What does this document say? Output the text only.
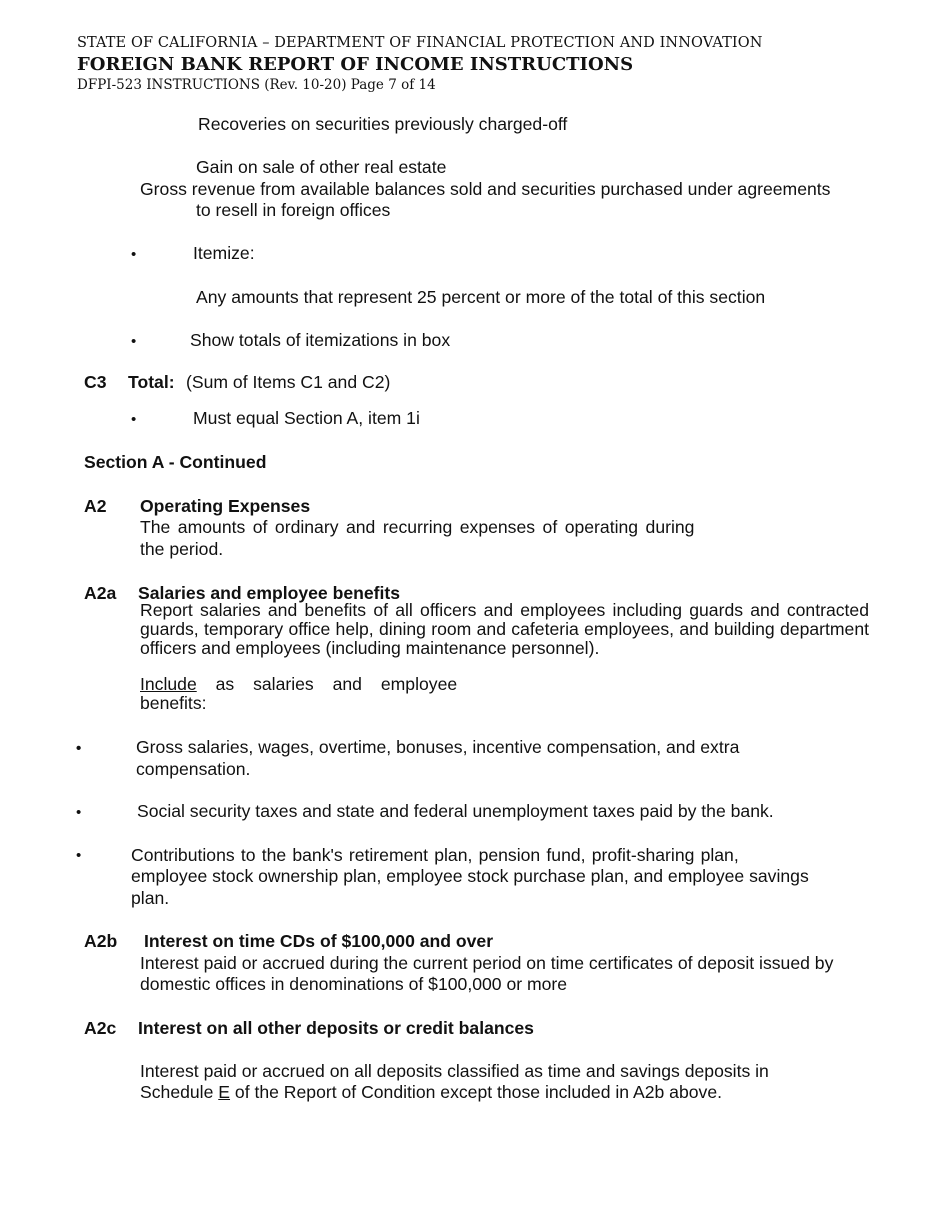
STATE OF CALIFORNIA – DEPARTMENT OF FINANCIAL PROTECTION AND INNOVATION
FOREIGN BANK REPORT OF INCOME INSTRUCTIONS
DFPI-523 INSTRUCTIONS (Rev. 10-20) Page 7 of 14
Recoveries on securities previously charged-off
Gain on sale of other real estate
Gross revenue from available balances sold and securities purchased under agreements
to resell in foreign offices
•	Itemize:
Any amounts that represent 25 percent or more of the total of this section
•	Show totals of itemizations in box
C3 Total: (Sum of Items C1 and C2)
•	Must equal Section A, item 1i
Section A - Continued
A2 Operating Expenses
The amounts of ordinary and recurring expenses of operating during
the period.
A2a Salaries and employee benefits
Report salaries and benefits of all officers and employees including guards and contracted guards, temporary office help, dining room and cafeteria employees, and building department officers and employees (including maintenance personnel).
Include as salaries and employee
benefits:
•	Gross salaries, wages, overtime, bonuses, incentive compensation, and extra
compensation.
•	Social security taxes and state and federal unemployment taxes paid by the bank.
•	Contributions to the bank's retirement plan, pension fund, profit-sharing plan,
employee stock ownership plan, employee stock purchase plan, and employee savings
plan.
A2b Interest on time CDs of $100,000 and over
Interest paid or accrued during the current period on time certificates of deposit issued by
domestic offices in denominations of $100,000 or more
A2c Interest on all other deposits or credit balances
Interest paid or accrued on all deposits classified as time and savings deposits in
Schedule E of the Report of Condition except those included in A2b above.
